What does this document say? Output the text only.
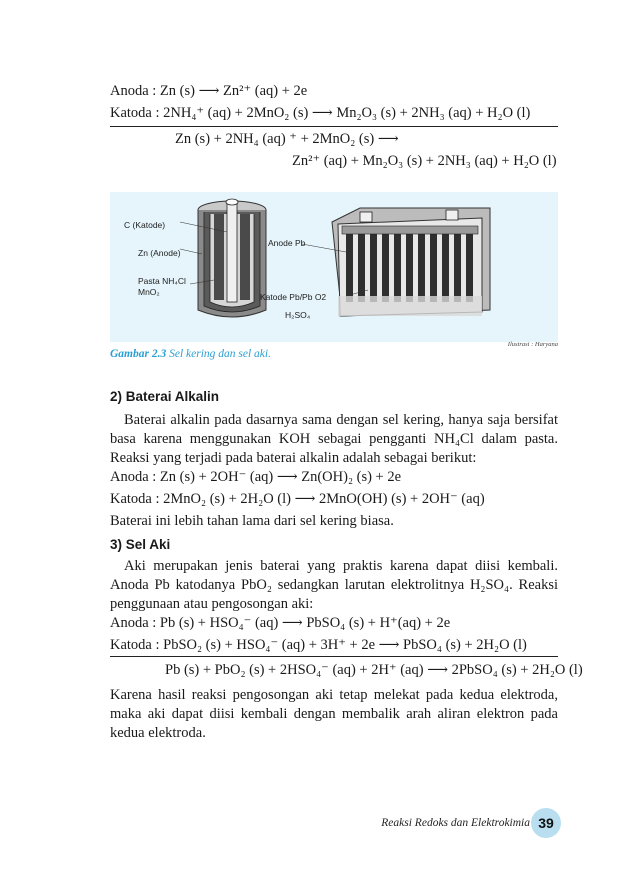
Anoda : Zn (s) ⟶ Zn²⁺ (aq) + 2e
Katoda : 2NH₄⁺ (aq) + 2MnO₂ (s) ⟶ Mn₂O₃ (s) + 2NH₃ (aq) + H₂O (l)
Zn (s) + 2NH₄ (aq) ⁺ + 2MnO₂ (s) ⟶
Zn²⁺ (aq) + Mn₂O₃ (s) + 2NH₃ (aq) + H₂O (l)
C (Katode)
Zn (Anode)
Pasta NH₄Cl
MnO₂
Anode Pb
Katode Pb/Pb O2
H₂SO₄
Ilustrasi : Haryana
Gambar 2.3 Sel kering dan sel aki.
2) Baterai Alkalin
Baterai alkalin pada dasarnya sama dengan sel kering, hanya saja bersifat basa karena menggunakan KOH sebagai pengganti NH₄Cl dalam pasta. Reaksi yang terjadi pada baterai alkalin adalah sebagai berikut:
Anoda : Zn (s) + 2OH⁻ (aq) ⟶ Zn(OH)₂ (s) + 2e
Katoda : 2MnO₂ (s) + 2H₂O (l) ⟶ 2MnO(OH) (s) + 2OH⁻ (aq)
Baterai ini lebih tahan lama dari sel kering biasa.
3) Sel Aki
Aki merupakan jenis baterai yang praktis karena dapat diisi kembali. Anoda Pb katodanya PbO₂ sedangkan larutan elektrolitnya H₂SO₄. Reaksi penggunaan atau pengosongan aki:
Anoda : Pb (s) + HSO₄⁻ (aq) ⟶ PbSO₄ (s) + H⁺(aq) + 2e
Katoda : PbSO₂ (s) + HSO₄⁻ (aq) + 3H⁺ + 2e ⟶ PbSO₄ (s) + 2H₂O (l)
Pb (s) + PbO₂ (s) + 2HSO₄⁻ (aq) + 2H⁺ (aq) ⟶ 2PbSO₄ (s) + 2H₂O (l)
Karena hasil reaksi pengosongan aki tetap melekat pada kedua elektroda, maka aki dapat diisi kembali dengan membalik arah aliran elektron pada kedua elektroda.
Reaksi Redoks dan Elektrokimia 39
